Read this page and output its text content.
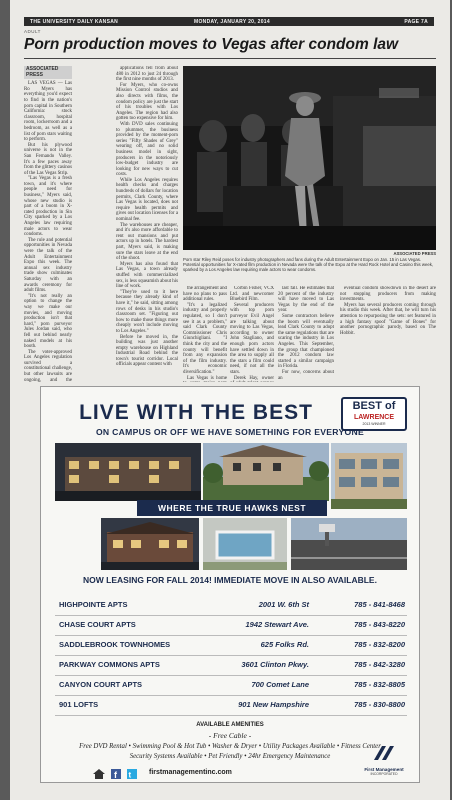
THE UNIVERSITY DAILY KANSAN	MONDAY, JANUARY 20, 2014	PAGE 7A
ADULT
Porn production moves to Vegas after condom law
ASSOCIATED PRESS

LAS VEGAS — Las Ro Myers has everything you'd expect to find in the nation's porn capital in Southern California: stock classroom, hospital room, lockerroom and a bedroom, as well as a list of porn stars waiting to perform.

But his plywood universe is not in the San Fernando Valley. It's a few paces away from the glittery casinos of the Las Vegas Strip.

"Las Vegas is a fresh town, and it's where people need for business," Myers said, whose new studio is part of a boom in X-rated production in Sin City sparked by a Los Angeles law requiring male actors to wear condoms.

The rule and potential opportunities in Nevada were the talk of the Adult Entertainment Expo this week. The annual sex industry trade show culminates Saturday with an awards ceremony for adult films.

"It's not really an option to change the way we make our movies, and moving production isn't that hard," porn purveyor Jules Jordan said, who fell out behind nearly naked models at his booth.

The voter-approved Los Angeles regulation survived a constitutional challenge, but other lawsuits are ongoing, and the

applications fell from about 480 in 2012 to just 24 through the first nine months of 2013.

For Myers, who co-owns Mission Control studios and also directs with films, the condom policy are just the start of his troubles with Los Angeles. The region had also gotten too expensive for him.

With DVD sales continuing to plummet, the business provided by the moment-porn series "Fifty Shades of Grey" wearing off, and no solid business model in sight, producers in the notoriously low-budget industry are looking for new ways to cut costs.

While Los Angeles requires health checks and charges hundreds of dollars for location permits, Clark County, where Las Vegas is located, does not require health permits and gives out location licenses for a nominal fee.

The warehouses are cheaper, and it's also more affordable to rent out mansions and put actors up in hotels. The hardest part, Myers said, is making sure the stars leave at the end of the shoot.

Myers has also found that Las Vegas, a town already stuffed with commercialized sex, is less squeamish about his line of work.

"They're used to it here because they already kind of have it," he said, sitting among rows of desks in his studio's classroom set. "Figuring out how to make those things more cheaply won't include moving to Los Angeles."

Before he moved in, the building was just another empty warehouse on Highland Industrial Road behind the town's tourist corridor. Local officials appear content with

ASSOCIATED PRESS
Porn star Riley Reid poses for industry photographers and fans during the Adult Entertainment Expo on Jan. 15 in Las Vegas. Potential opportunities for X-rated film production in Nevada were the talk of the Expo at the Hard Rock Hotel and Casino this week, sparked by a Los Angeles law requiring male actors to wear condoms.

the arrangement and have no plans to pass additional rules.

"It's a legalized industry and properly regulated, so I don't see it as a problem," said Clark County Commissioner Chris Giunchigliani. "I think the city and the county will benefit from any expansion of the film industry. It's economic diversification."

Las Vegas is home

Corbin Fisher, VCX Ltd. and newcomer Bluebird Film.

Several producers with top porn purveyor Evil Angel are talking about moving to Las Vegas, according to owner John Stagliano, and enough porn actors have settled down in the area to supply all the stars a film could need, if not all the stars.

Derek Hay, owner

last fall. He estimates that 20 percent of the industry will have moved to Las Vegas by the end of the year.

Some contractors believe the boom will eventually lead Clark County to adopt the same regulations that are scaring the industry in Los Angeles. This September, the group that championed the 2012 condom law started a similar campaign in Florida.

For now, concerns about an

eventual condom showdown in the desert are not stopping producers from making investments.

Myers has several producers coming through his studio this week. After that, he will turn his attention to repurposing the sets: set featured in a high fantasy spoof "Game of Bones" for another pornographic parody, based on The Hobbit.

LIVE WITH THE BEST	BEST of
LAWRENCE
2013 WINNER
ON CAMPUS OR OFF WE HAVE SOMETHING FOR EVERYONE
WHERE THE TRUE HAWKS NEST
NOW LEASING FOR FALL 2014! IMMEDIATE MOVE IN ALSO AVAILABLE.
HIGHPOINTE APTS	2001 W. 6th St	785 - 841-8468
CHASE COURT APTS	1942 Stewart Ave.	785 - 843-8220
SADDLEBROOK TOWNHOMES	625 Folks Rd.	785 - 832-8200
PARKWAY COMMONS APTS	3601 Clinton Pkwy.	785 - 842-3280
CANYON COURT APTS	700 Comet Lane	785 - 832-8805
901 LOFTS	901 New Hampshire	785 - 830-8800
AVAILABLE AMENITIES
- Free Cable -
Free DVD Rental • Swimming Pool & Hot Tub • Washer & Dryer • Utility Packages Available • Fitness Center
Security Systems Available • Pet Friendly • 24hr Emergency Maintenance
f t	firstmanagementinc.com	First Management
INCORPORATED
